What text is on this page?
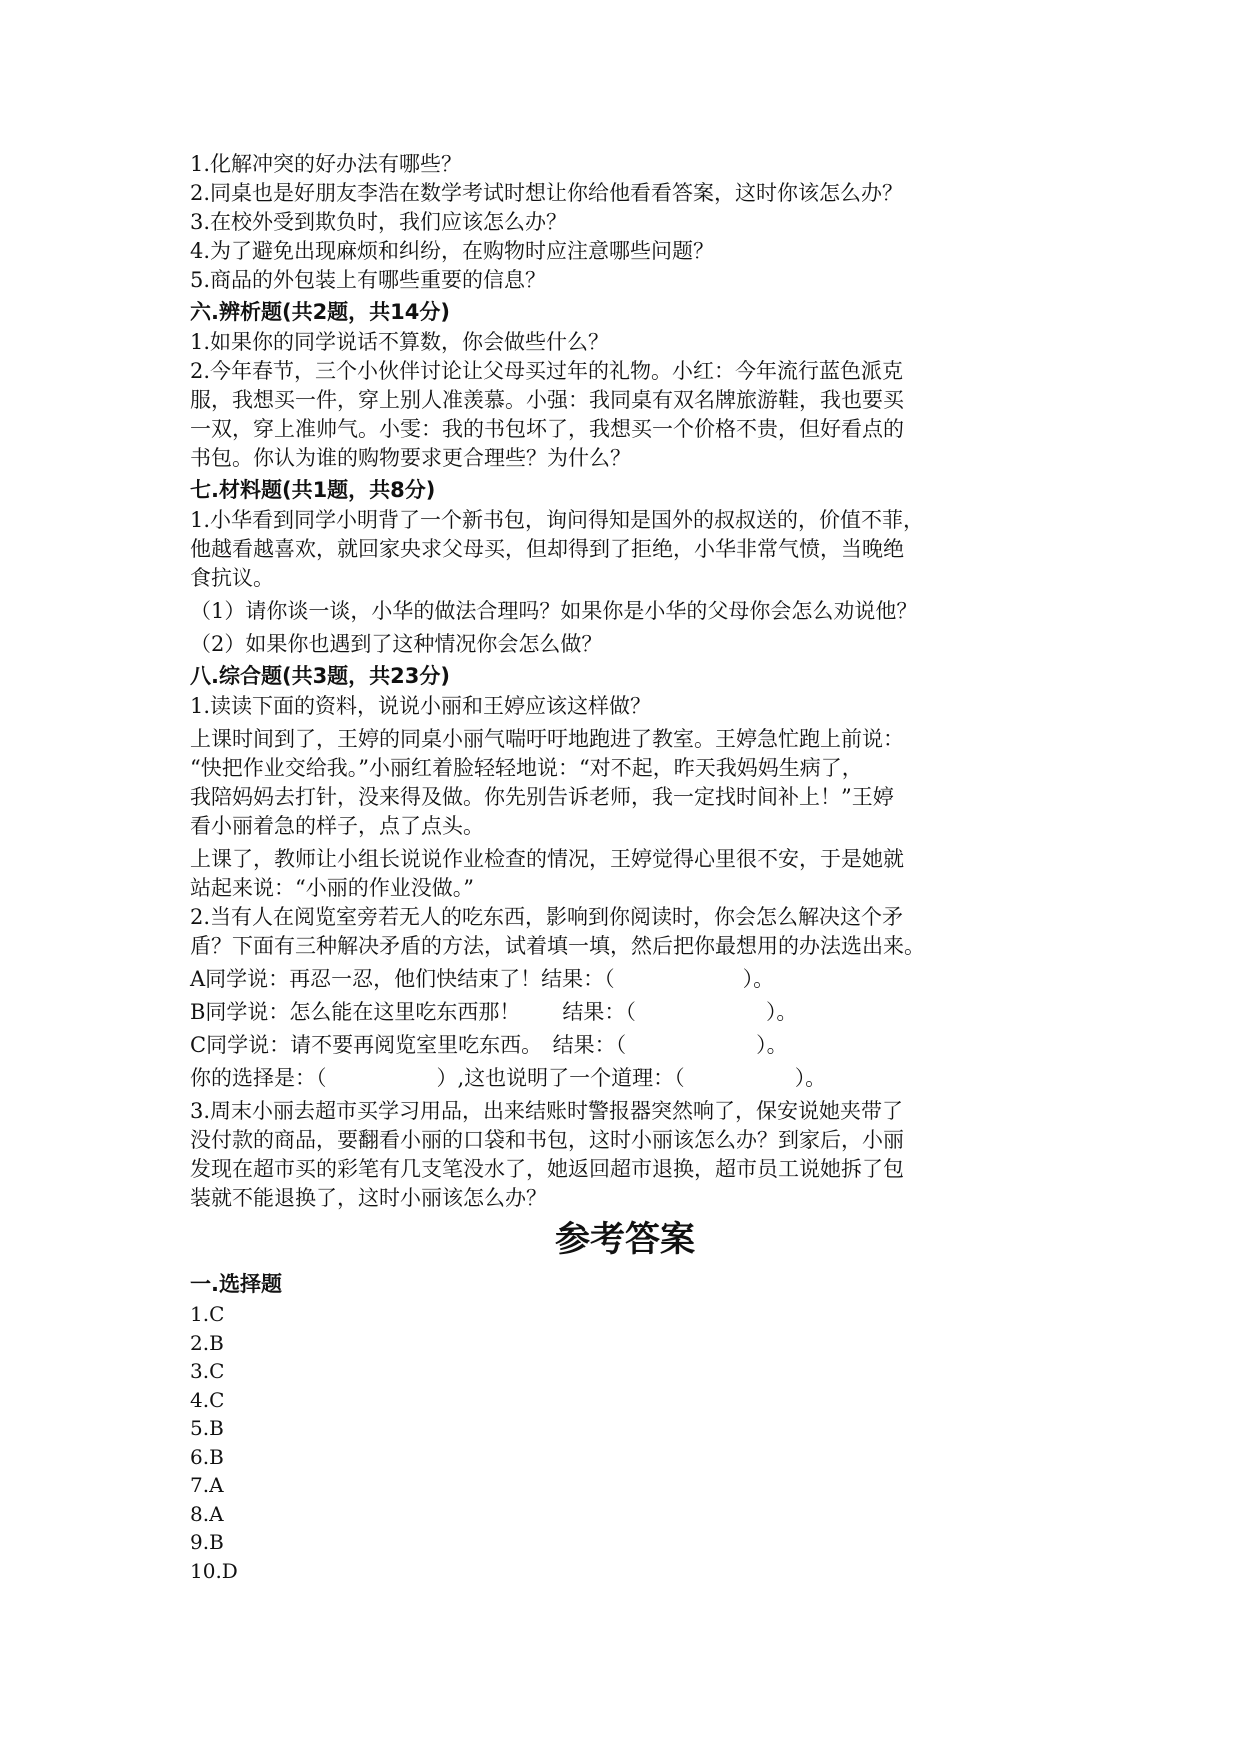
1.化解冲突的好办法有哪些？
2.同桌也是好朋友李浩在数学考试时想让你给他看看答案，这时你该怎么办？
3.在校外受到欺负时，我们应该怎么办？
4.为了避免出现麻烦和纠纷，在购物时应注意哪些问题？
5.商品的外包装上有哪些重要的信息？
六.辨析题(共2题，共14分)
1.如果你的同学说话不算数，你会做些什么？
2.今年春节，三个小伙伴讨论让父母买过年的礼物。小红：今年流行蓝色派克
服，我想买一件，穿上别人准羡慕。小强：我同桌有双名牌旅游鞋，我也要买
一双，穿上准帅气。小雯：我的书包坏了，我想买一个价格不贵，但好看点的
书包。你认为谁的购物要求更合理些？为什么？
七.材料题(共1题，共8分)
1.小华看到同学小明背了一个新书包，询问得知是国外的叔叔送的，价值不菲，
他越看越喜欢，就回家央求父母买，但却得到了拒绝，小华非常气愤，当晚绝
食抗议。
（1）请你谈一谈，小华的做法合理吗？如果你是小华的父母你会怎么劝说他？
（2）如果你也遇到了这种情况你会怎么做？
八.综合题(共3题，共23分)
1.读读下面的资料，说说小丽和王婷应该这样做？
上课时间到了，王婷的同桌小丽气喘吁吁地跑进了教室。王婷急忙跑上前说：
“快把作业交给我。”小丽红着脸轻轻地说：“对不起，昨天我妈妈生病了，
我陪妈妈去打针，没来得及做。你先别告诉老师，我一定找时间补上！”王婷
看小丽着急的样子，点了点头。
上课了，教师让小组长说说作业检查的情况，王婷觉得心里很不安，于是她就
站起来说：“小丽的作业没做。”
2.当有人在阅览室旁若无人的吃东西，影响到你阅读时，你会怎么解决这个矛
盾？下面有三种解决矛盾的方法，试着填一填，然后把你最想用的办法选出来。
A同学说：再忍一忍，他们快结束了！结果：（	）。
B同学说：怎么能在这里吃东西那！　　结果：（	）。
C同学说：请不要再阅览室里吃东西。　结果：（	）。
你的选择是：（	）,这也说明了一个道理：（	）。
3.周末小丽去超市买学习用品，出来结账时警报器突然响了，保安说她夹带了
没付款的商品，要翻看小丽的口袋和书包，这时小丽该怎么办？到家后，小丽
发现在超市买的彩笔有几支笔没水了，她返回超市退换，超市员工说她拆了包
装就不能退换了，这时小丽该怎么办？
参考答案
一.选择题
1.C
2.B
3.C
4.C
5.B
6.B
7.A
8.A
9.B
10.D
